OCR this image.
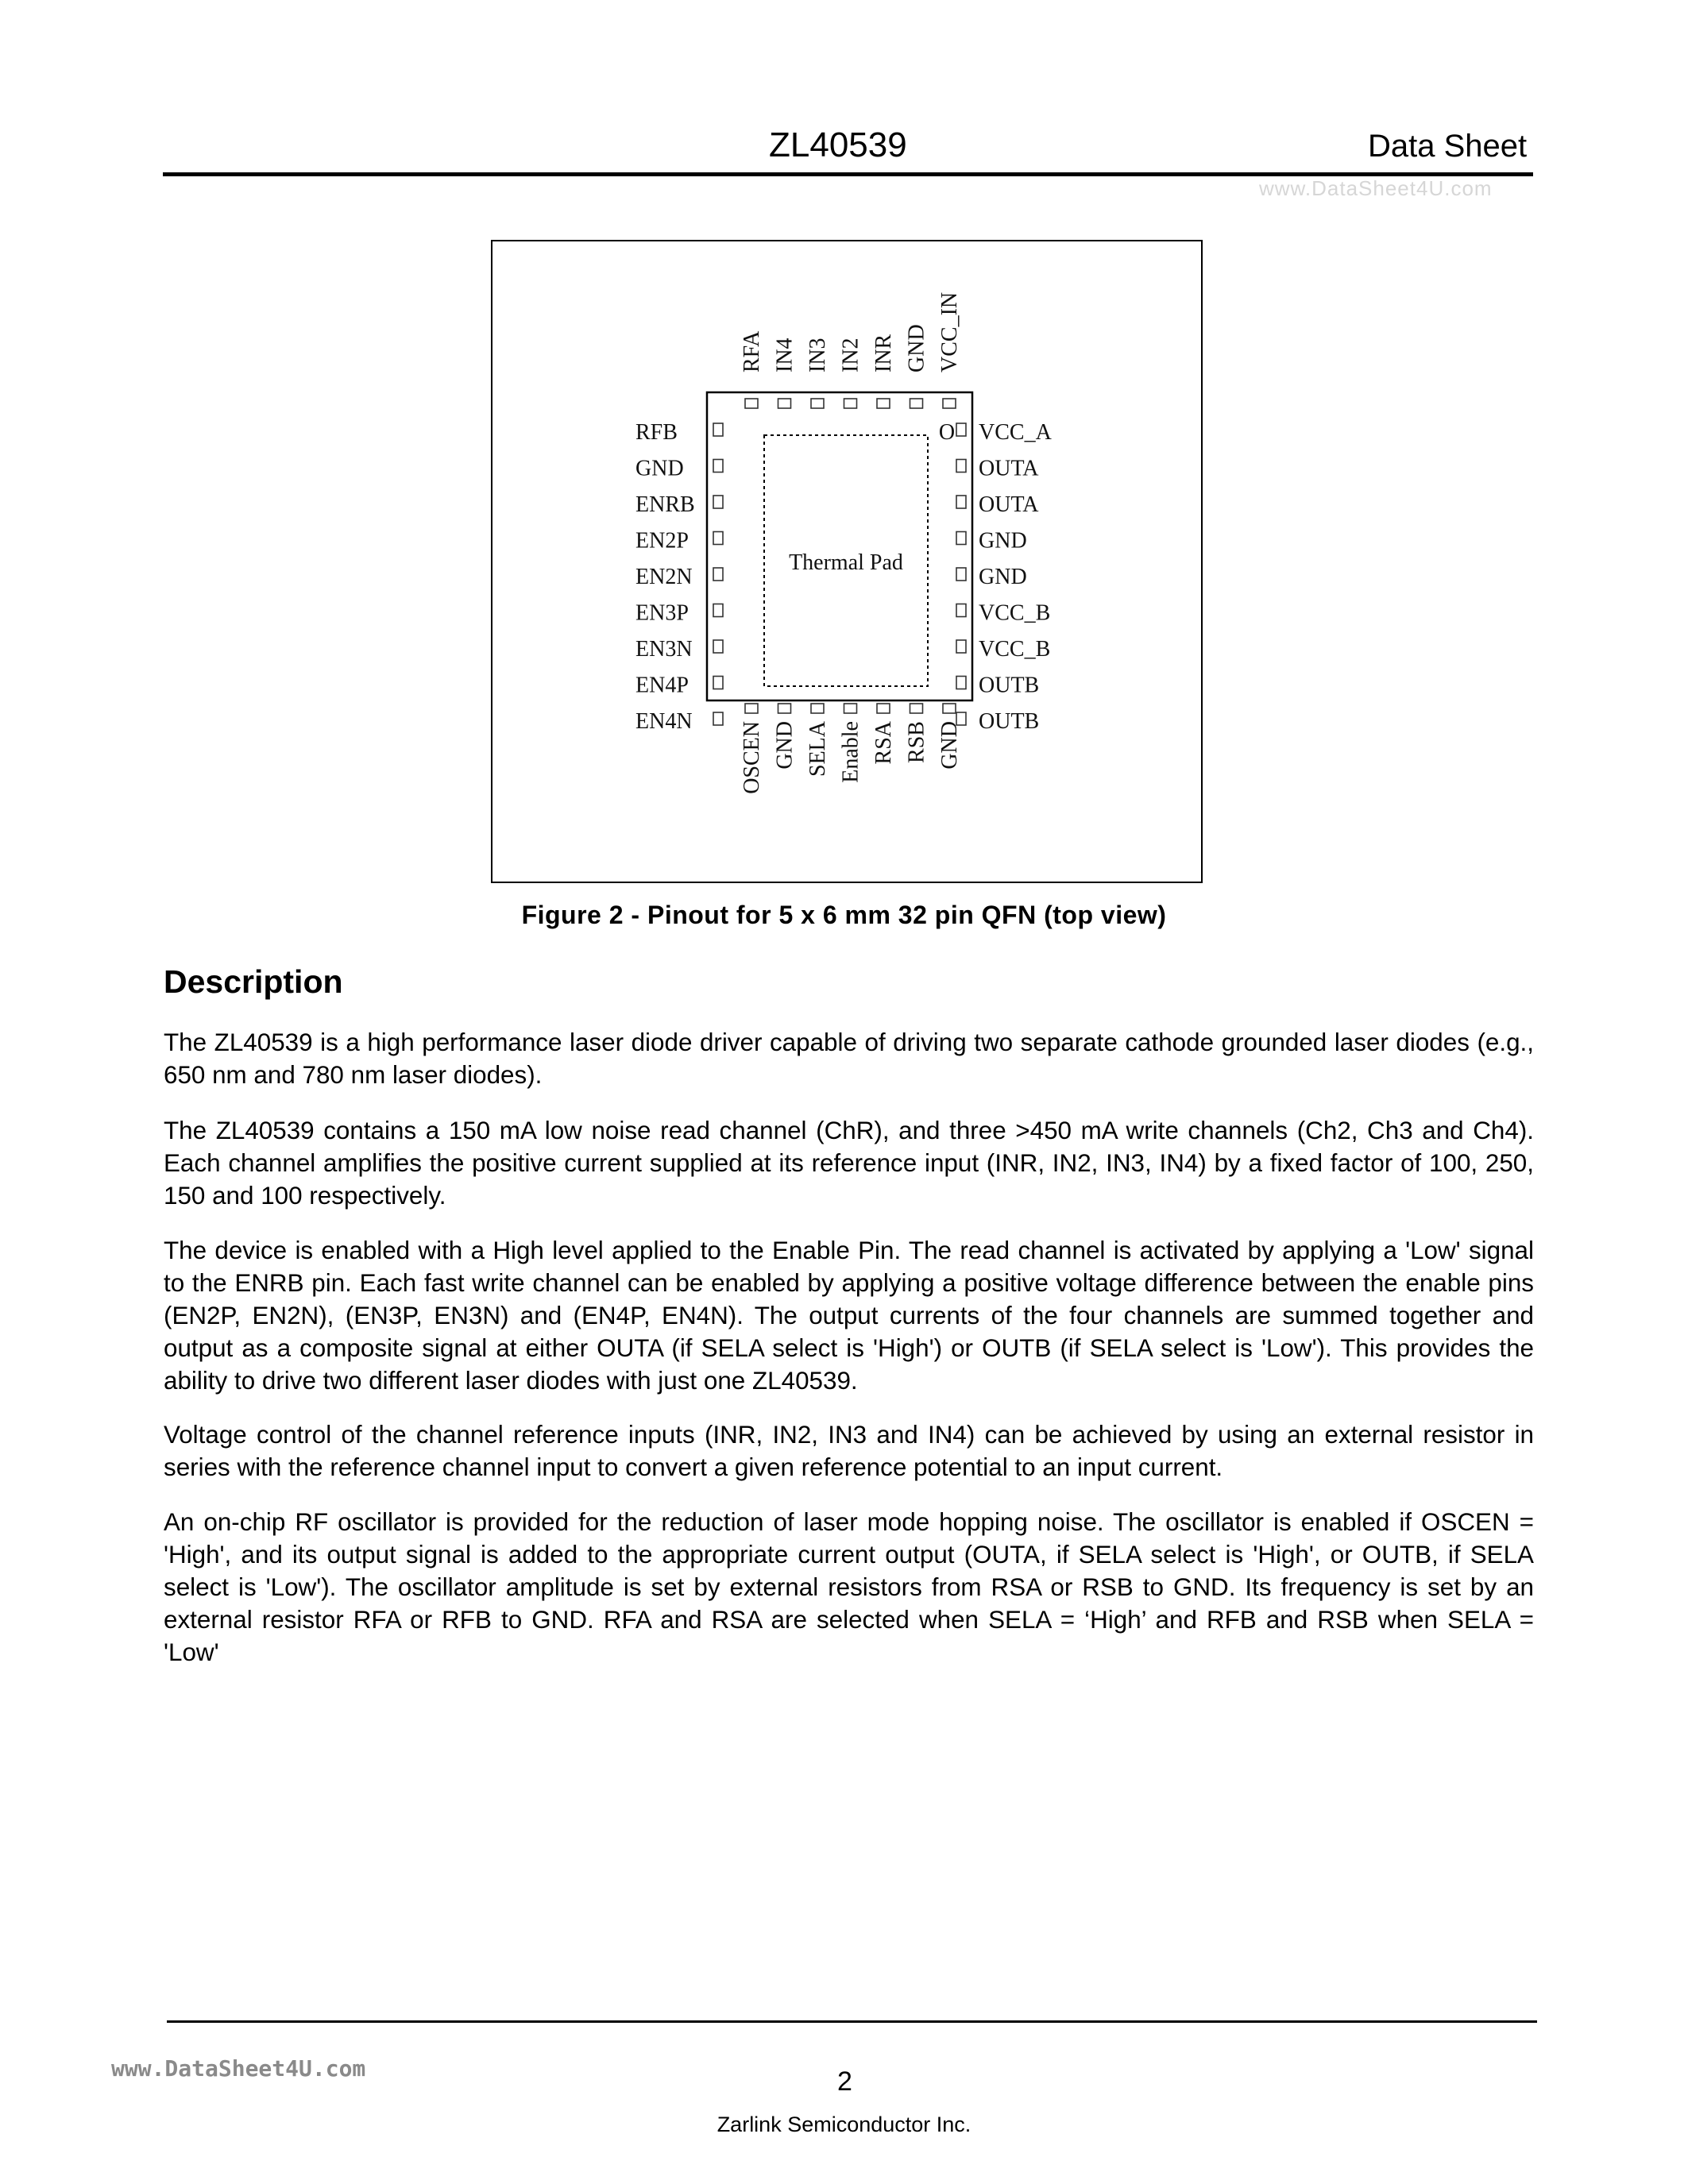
ZL40539	Data Sheet
www.DataSheet4U.com
Thermal Pad
O
RFB
GND
ENRB
EN2P
EN2N
EN3P
EN3N
EN4P
EN4N
VCC_A
OUTA
OUTA
GND
GND
VCC_B
VCC_B
OUTB
OUTB
RFA IN4 IN3 IN2 INR GND VCC_IN
OSCEN GND SELA Enable RSA RSB GND
Figure 2 - Pinout for 5 x 6 mm 32 pin QFN (top view)
Description

The ZL40539 is a high performance laser diode driver capable of driving two separate cathode grounded laser diodes (e.g., 650 nm and 780 nm laser diodes).

The ZL40539 contains a 150 mA low noise read channel (ChR), and three >450 mA write channels (Ch2, Ch3 and Ch4). Each channel amplifies the positive current supplied at its reference input (INR, IN2, IN3, IN4) by a fixed factor of 100, 250, 150 and 100 respectively.

The device is enabled with a High level applied to the Enable Pin. The read channel is activated by applying a 'Low' signal to the ENRB pin. Each fast write channel can be enabled by applying a positive voltage difference between the enable pins (EN2P, EN2N), (EN3P, EN3N) and (EN4P, EN4N). The output currents of the four channels are summed together and output as a composite signal at either OUTA (if SELA select is 'High') or OUTB (if SELA select is 'Low'). This provides the ability to drive two different laser diodes with just one ZL40539.

Voltage control of the channel reference inputs (INR, IN2, IN3 and IN4) can be achieved by using an external resistor in series with the reference channel input to convert a given reference potential to an input current.

An on-chip RF oscillator is provided for the reduction of laser mode hopping noise. The oscillator is enabled if OSCEN = 'High', and its output signal is added to the appropriate current output (OUTA, if SELA select is 'High', or OUTB, if SELA select is 'Low'). The oscillator amplitude is set by external resistors from RSA or RSB to GND. Its frequency is set by an external resistor RFA or RFB to GND. RFA and RSA are selected when SELA = ‘High’ and RFB and RSB when SELA = 'Low'

www.DataSheet4U.com	2
Zarlink Semiconductor Inc.
